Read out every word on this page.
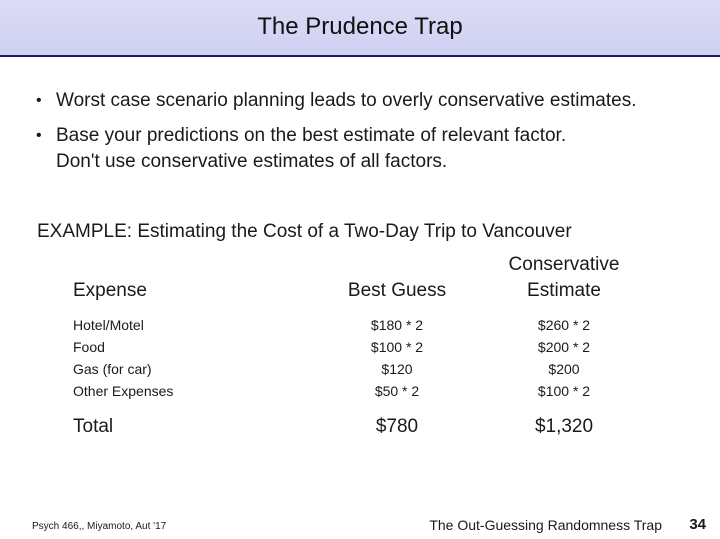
The Prudence Trap
• Worst case scenario planning leads to overly conservative estimates.
• Base your predictions on the best estimate of relevant factor.
Don't use conservative estimates of all factors.
EXAMPLE: Estimating the Cost of a Two-Day Trip to Vancouver
Conservative
Expense	Best Guess	Estimate
Hotel/Motel	$180 * 2	$260 * 2
Food	$100 * 2	$200 * 2
Gas (for car)	$120	$200
Other Expenses	$50 * 2	$100 * 2
Total	$780	$1,320
Psych 466,, Miyamoto, Aut '17	The Out-Guessing Randomness Trap 34
